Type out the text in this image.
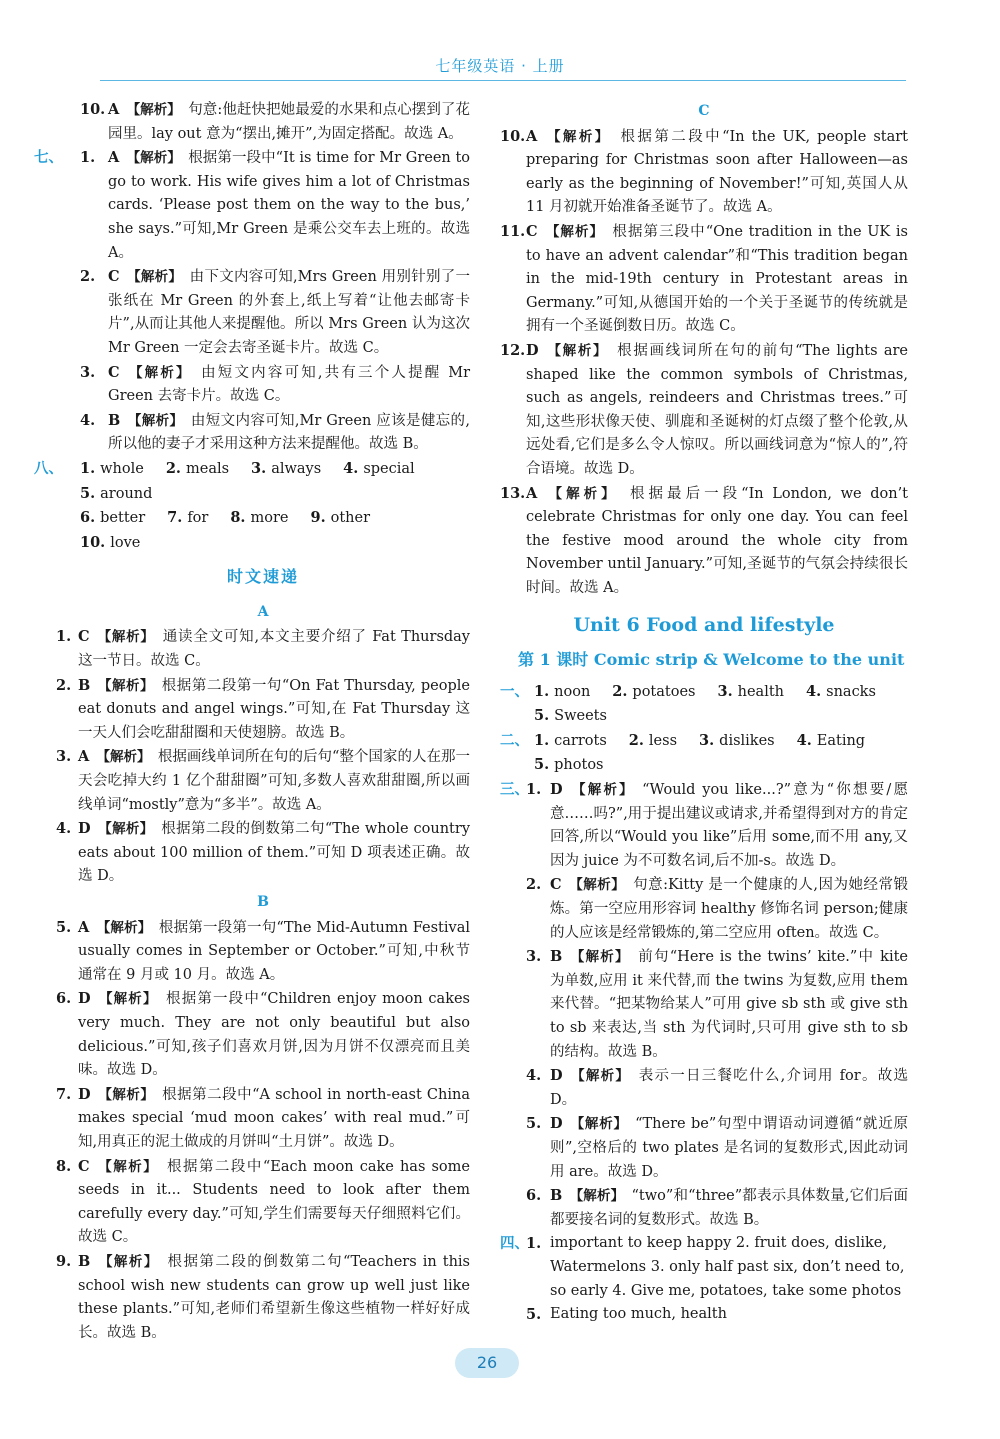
七年级英语 · 上册
10. A  【解析】  句意:他赶快把她最爱的水果和点心摆到了花园里。lay out 意为“摆出,摊开”,为固定搭配。故选 A。
七、 1. A  【解析】  根据第一段中“It is time for Mr Green to go to work. His wife gives him a lot of Christmas cards. ‘Please post them on the way to the bus,’ she says.”可知,Mr Green 是乘公交车去上班的。故选 A。
2. C  【解析】  由下文内容可知,Mrs Green 用别针别了一张纸在 Mr Green 的外套上,纸上写着“让他去邮寄卡片”,从而让其他人来提醒他。所以 Mrs Green 认为这次 Mr Green 一定会去寄圣诞卡片。故选 C。
3. C  【解析】  由短文内容可知,共有三个人提醒 Mr Green 去寄卡片。故选 C。
4. B  【解析】  由短文内容可知,Mr Green 应该是健忘的,所以他的妻子才采用这种方法来提醒他。故选 B。
八、 1. whole 2. meals 3. always 4. special
5. around
6. better 7. for 8. more 9. other
10. love
时文速递
A
1. C  【解析】  通读全文可知,本文主要介绍了 Fat Thursday 这一节日。故选 C。
2. B  【解析】  根据第二段第一句“On Fat Thursday, people eat donuts and angel wings.”可知,在 Fat Thursday 这一天人们会吃甜甜圈和天使翅膀。故选 B。
3. A  【解析】  根据画线单词所在句的后句“整个国家的人在那一天会吃掉大约 1 亿个甜甜圈”可知,多数人喜欢甜甜圈,所以画线单词“mostly”意为“多半”。故选 A。
4. D  【解析】  根据第二段的倒数第二句“The whole country eats about 100 million of them.”可知 D 项表述正确。故选 D。
B
5. A  【解析】  根据第一段第一句“The Mid-Autumn Festival usually comes in September or October.”可知,中秋节通常在 9 月或 10 月。故选 A。
6. D  【解析】  根据第一段中“Children enjoy moon cakes very much. They are not only beautiful but also delicious.”可知,孩子们喜欢月饼,因为月饼不仅漂亮而且美味。故选 D。
7. D  【解析】  根据第二段中“A school in north-east China makes special ‘mud moon cakes’ with real mud.”可知,用真正的泥土做成的月饼叫“土月饼”。故选 D。
8. C  【解析】  根据第二段中“Each moon cake has some seeds in it... Students need to look after them carefully every day.”可知,学生们需要每天仔细照料它们。故选 C。
9. B  【解析】  根据第二段的倒数第二句“Teachers in this school wish new students can grow up well just like these plants.”可知,老师们希望新生像这些植物一样好好成长。故选 B。
C
10. A  【解析】  根据第二段中“In the UK, people start preparing for Christmas soon after Halloween—as early as the beginning of November!”可知,英国人从 11 月初就开始准备圣诞节了。故选 A。
11. C  【解析】  根据第三段中“One tradition in the UK is to have an advent calendar”和“This tradition began in the mid-19th century in Protestant areas in Germany.”可知,从德国开始的一个关于圣诞节的传统就是拥有一个圣诞倒数日历。故选 C。
12. D  【解析】  根据画线词所在句的前句“The lights are shaped like the common symbols of Christmas, such as angels, reindeers and Christmas trees.”可知,这些形状像天使、驯鹿和圣诞树的灯点缀了整个伦敦,从远处看,它们是多么令人惊叹。所以画线词意为“惊人的”,符合语境。故选 D。
13. A  【解析】  根据最后一段“In London, we don’t celebrate Christmas for only one day. You can feel the festive mood around the whole city from November until January.”可知,圣诞节的气氛会持续很长时间。故选 A。
Unit 6 Food and lifestyle
第 1 课时 Comic strip & Welcome to the unit
一、 1. noon 2. potatoes 3. health 4. snacks
5. Sweets
二、 1. carrots 2. less 3. dislikes 4. Eating
5. photos
三、
1. D  【解析】  “Would you like...?”意为“你想要/愿意……吗?”,用于提出建议或请求,并希望得到对方的肯定回答,所以“Would you like”后用 some,而不用 any,又因为 juice 为不可数名词,后不加-s。故选 D。
2. C  【解析】  句意:Kitty 是一个健康的人,因为她经常锻炼。第一空应用形容词 healthy 修饰名词 person;健康的人应该是经常锻炼的,第二空应用 often。故选 C。
3. B  【解析】  前句“Here is the twins’ kite.”中 kite 为单数,应用 it 来代替,而 the twins 为复数,应用 them 来代替。“把某物给某人”可用 give sb sth 或 give sth to sb 来表达,当 sth 为代词时,只可用 give sth to sb 的结构。故选 B。
4. D  【解析】  表示一日三餐吃什么,介词用 for。故选 D。
5. D  【解析】  “There be”句型中谓语动词遵循“就近原则”,空格后的 two plates 是名词的复数形式,因此动词用 are。故选 D。
6. B  【解析】  “two”和“three”都表示具体数量,它们后面都要接名词的复数形式。故选 B。
四、
1. important to keep happy 2. fruit does, dislike, Watermelons 3. only half past six, don’t need to, so early 4. Give me, potatoes, take some photos
5. Eating too much, health
26
